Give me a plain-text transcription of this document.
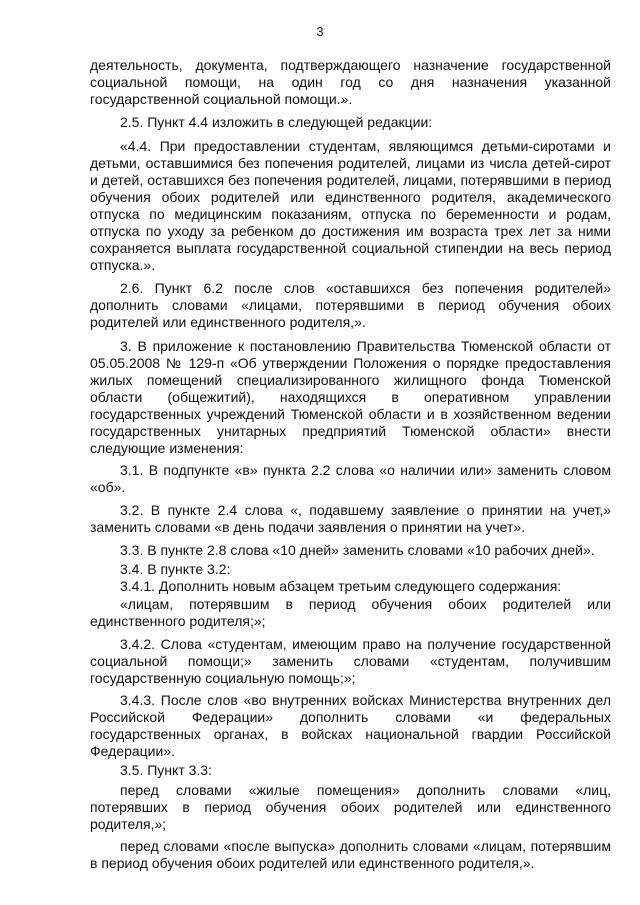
3
деятельность, документа, подтверждающего назначение государственной
социальной помощи, на один год со дня назначения указанной
государственной социальной помощи.».
2.5. Пункт 4.4 изложить в следующей редакции:
«4.4. При предоставлении студентам, являющимся детьми-сиротами и
детьми, оставшимися без попечения родителей, лицами из числа детей-сирот
и детей, оставшихся без попечения родителей, лицами, потерявшими в период
обучения обоих родителей или единственного родителя, академического
отпуска по медицинским показаниям, отпуска по беременности и родам,
отпуска по уходу за ребенком до достижения им возраста трех лет за ними
сохраняется выплата государственной социальной стипендии на весь период
отпуска.».
2.6. Пункт 6.2 после слов «оставшихся без попечения родителей»
дополнить словами «лицами, потерявшими в период обучения обоих
родителей или единственного родителя,».
3. В приложение к постановлению Правительства Тюменской области от
05.05.2008 № 129-п «Об утверждении Положения о порядке предоставления
жилых помещений специализированного жилищного фонда Тюменской
области (общежитий), находящихся в оперативном управлении
государственных учреждений Тюменской области и в хозяйственном ведении
государственных унитарных предприятий Тюменской области» внести
следующие изменения:
3.1. В подпункте «в» пункта 2.2 слова «о наличии или» заменить словом
«об».
3.2. В пункте 2.4 слова «, подавшему заявление о принятии на учет,»
заменить словами «в день подачи заявления о принятии на учет».
3.3. В пункте 2.8 слова «10 дней» заменить словами «10 рабочих дней».
3.4. В пункте 3.2:
3.4.1. Дополнить новым абзацем третьим следующего содержания:
«лицам, потерявшим в период обучения обоих родителей или
единственного родителя;»;
3.4.2. Слова «студентам, имеющим право на получение государственной
социальной помощи;» заменить словами «студентам, получившим
государственную социальную помощь;»;
3.4.3. После слов «во внутренних войсках Министерства внутренних дел
Российской Федерации» дополнить словами «и федеральных
государственных органах, в войсках национальной гвардии Российской
Федерации».
3.5. Пункт 3.3:
перед словами «жилые помещения» дополнить словами «лиц,
потерявших в период обучения обоих родителей или единственного
родителя,»;
перед словами «после выпуска» дополнить словами «лицам, потерявшим
в период обучения обоих родителей или единственного родителя,».
